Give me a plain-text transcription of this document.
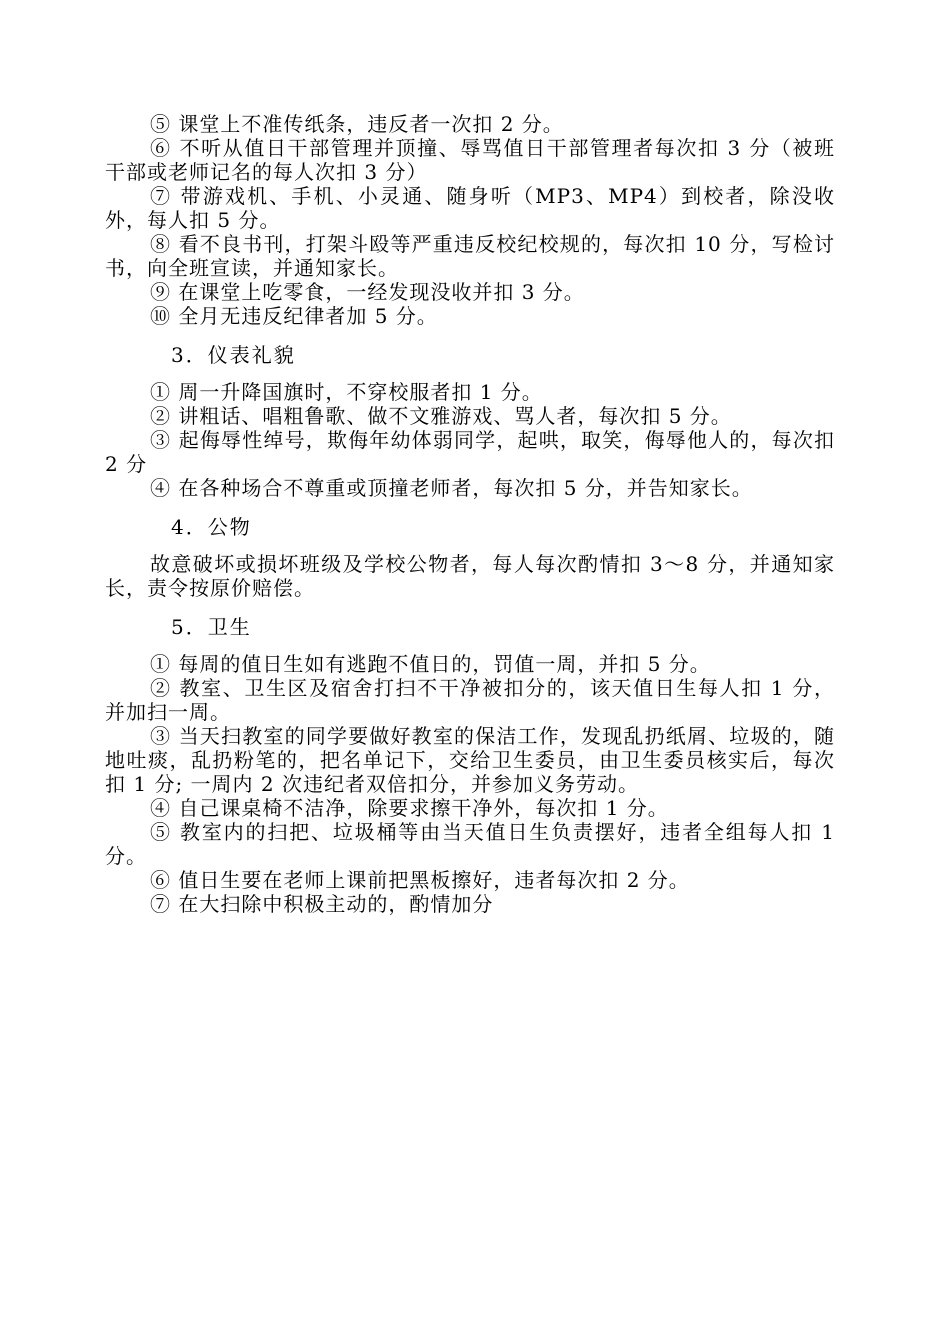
⑤ 课堂上不准传纸条，违反者一次扣 2 分。
⑥ 不听从值日干部管理并顶撞、辱骂值日干部管理者每次扣 3 分（被班干部或老师记名的每人次扣 3 分）
⑦ 带游戏机、手机、小灵通、随身听（MP3、MP4）到校者，除没收外，每人扣 5 分。
⑧ 看不良书刊，打架斗殴等严重违反校纪校规的，每次扣 10 分，写检讨书，向全班宣读，并通知家长。
⑨ 在课堂上吃零食，一经发现没收并扣 3 分。
⑩ 全月无违反纪律者加 5 分。
3．仪表礼貌
① 周一升降国旗时，不穿校服者扣 1 分。
② 讲粗话、唱粗鲁歌、做不文雅游戏、骂人者，每次扣 5 分。
③ 起侮辱性绰号，欺侮年幼体弱同学，起哄，取笑，侮辱他人的，每次扣 2 分
④ 在各种场合不尊重或顶撞老师者，每次扣 5 分，并告知家长。
4．公物
故意破坏或损坏班级及学校公物者，每人每次酌情扣 3～8 分，并通知家长，责令按原价赔偿。
5．卫生
① 每周的值日生如有逃跑不值日的，罚值一周，并扣 5 分。
② 教室、卫生区及宿舍打扫不干净被扣分的，该天值日生每人扣 1 分，并加扫一周。
③ 当天扫教室的同学要做好教室的保洁工作，发现乱扔纸屑、垃圾的，随地吐痰，乱扔粉笔的，把名单记下，交给卫生委员，由卫生委员核实后，每次扣 1 分; 一周内 2 次违纪者双倍扣分，并参加义务劳动。
④ 自己课桌椅不洁净，除要求擦干净外，每次扣 1 分。
⑤ 教室内的扫把、垃圾桶等由当天值日生负责摆好，违者全组每人扣 1 分。
⑥ 值日生要在老师上课前把黑板擦好，违者每次扣 2 分。
⑦ 在大扫除中积极主动的，酌情加分
